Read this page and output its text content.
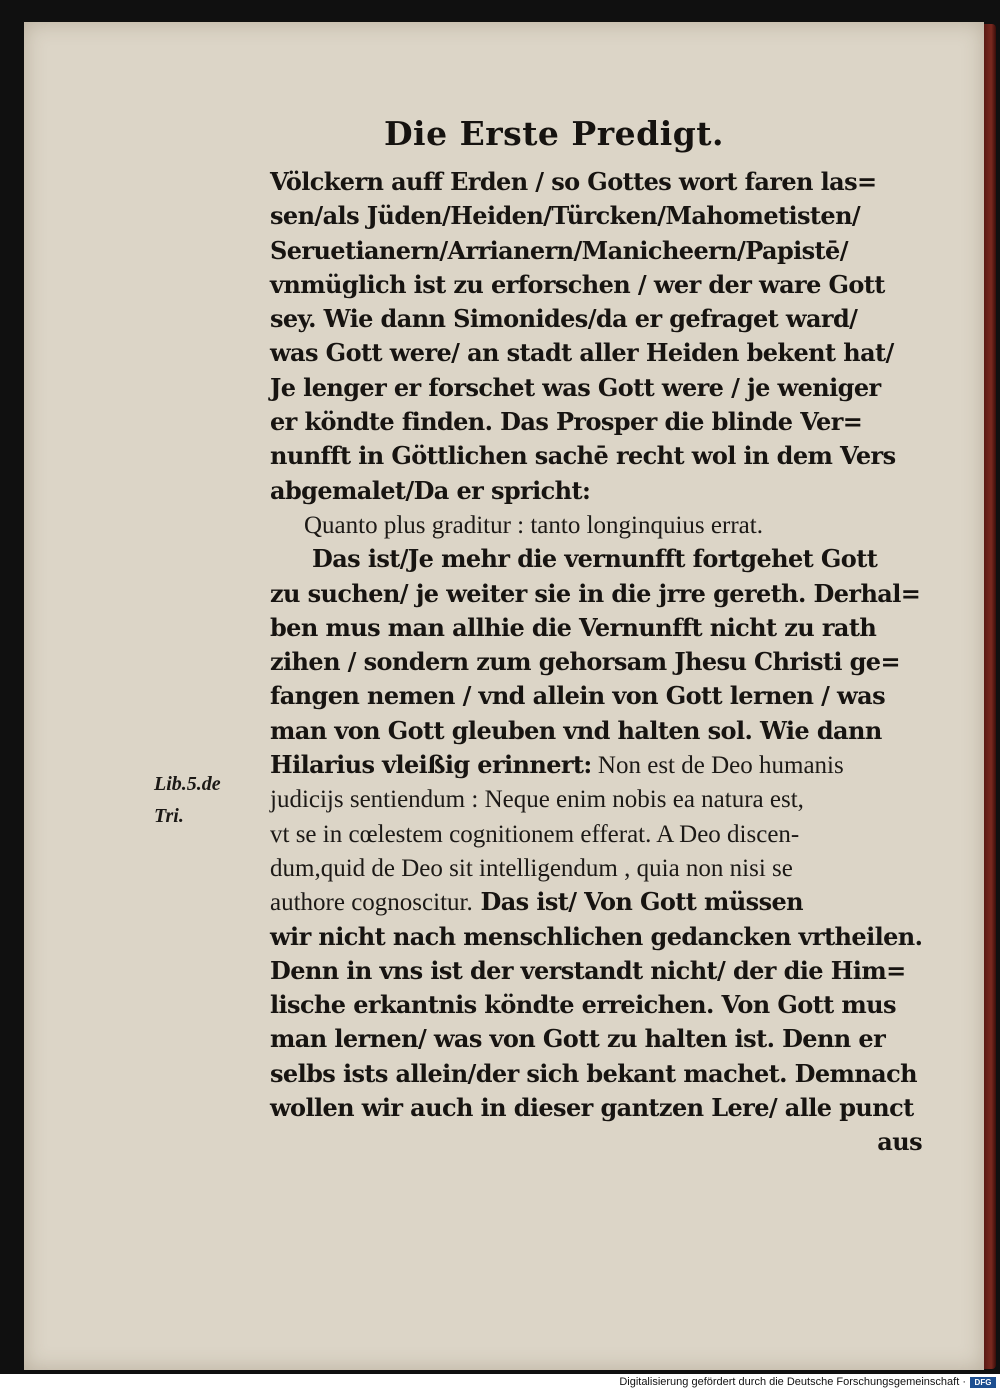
Die Erste Predigt.
Völckern auff Erden / so Gottes wort faren las=
sen/als Jüden/Heiden/Türcken/Mahometisten/
Seruetianern/Arrianern/Manicheern/Papistē/
vnmüglich ist zu erforschen / wer der ware Gott
sey. Wie dann Simonides/da er gefraget ward/
was Gott were/ an stadt aller Heiden bekent hat/
Je lenger er forschet was Gott were / je weniger
er köndte finden. Das Prosper die blinde Ver=
nunfft in Göttlichen sachē recht wol in dem Vers
abgemalet/Da er spricht:
Quanto plus graditur : tanto longinquius errat.
Das ist/Je mehr die vernunfft fortgehet Gott
zu suchen/ je weiter sie in die jrre gereth. Derhal=
ben mus man allhie die Vernunfft nicht zu rath
zihen / sondern zum gehorsam Jhesu Christi ge=
fangen nemen / vnd allein von Gott lernen / was
man von Gott gleuben vnd halten sol. Wie dann
Hilarius vleißig erinnert: Non est de Deo humanis
judicijs sentiendum : Neque enim nobis ea natura est,
vt se in cœlestem cognitionem efferat. A Deo discen-
dum,quid de Deo sit intelligendum , quia non nisi se
authore cognoscitur. Das ist/ Von Gott müssen
wir nicht nach menschlichen gedancken vrtheilen.
Denn in vns ist der verstandt nicht/ der die Him=
lische erkantnis köndte erreichen. Von Gott mus
man lernen/ was von Gott zu halten ist. Denn er
selbs ists allein/der sich bekant machet. Demnach
wollen wir auch in dieser gantzen Lere/ alle punct
aus
Lib.5.de
Tri.
Digitalisierung gefördert durch die Deutsche Forschungsgemeinschaft ·	DFG
